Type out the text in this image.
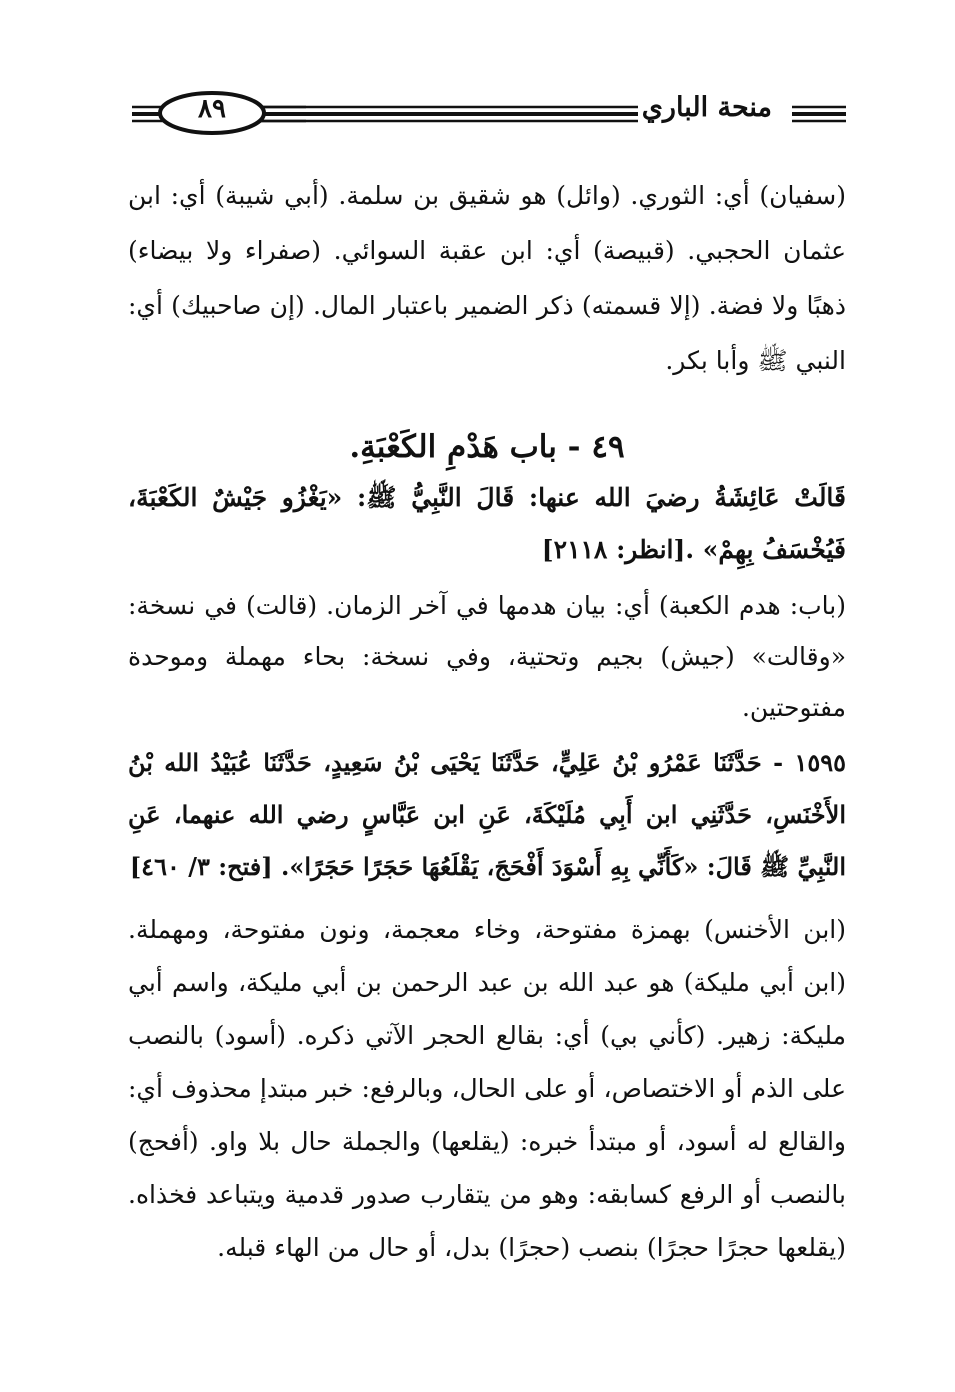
٨٩	منحة الباري

(سفيان) أي: الثوري. (وائل) هو شقيق بن سلمة. (أبي شيبة) أي: ابن عثمان الحجبي. (قبيصة) أي: ابن عقبة السوائي. (صفراء ولا بيضاء) ذهبًا ولا فضة. (إلا قسمته) ذكر الضمير باعتبار المال. (إن صاحبيك) أي: النبي ﷺ وأبا بكر.

٤٩ - باب هَدْمِ الكَعْبَةِ.

قَالَتْ عَائِشَةُ رضيَ الله عنها: قَالَ النَّبِيُّ ﷺ: «يَغْزُو جَيْشٌ الكَعْبَةَ، فَيُخْسَفُ بِهِمْ» .[انظر: ٢١١٨]

(باب: هدم الكعبة) أي: بيان هدمها في آخر الزمان. (قالت) في نسخة: «وقالت» (جيش) بجيم وتحتية، وفي نسخة: بحاء مهملة وموحدة مفتوحتين.

١٥٩٥ - حَدَّثَنَا عَمْرُو بْنُ عَلِيٍّ، حَدَّثَنَا يَحْيَى بْنُ سَعِيدٍ، حَدَّثَنَا عُبَيْدُ الله بْنُ الأَخْنَسِ، حَدَّثَنِي ابن أَبِي مُلَيْكَةَ، عَنِ ابن عَبَّاسٍ رضي الله عنهما، عَنِ النَّبِيِّ ﷺ قَالَ: «كَأَنِّي بِهِ أَسْوَدَ أَفْحَجَ، يَقْلَعُهَا حَجَرًا حَجَرًا». [فتح: ٣/ ٤٦٠]

(ابن الأخنس) بهمزة مفتوحة، وخاء معجمة، ونون مفتوحة، ومهملة. (ابن أبي مليكة) هو عبد الله بن عبد الرحمن بن أبي مليكة، واسم أبي مليكة: زهير. (كأني بي) أي: بقالع الحجر الآتي ذكره. (أسود) بالنصب على الذم أو الاختصاص، أو على الحال، وبالرفع: خبر مبتدإ محذوف أي: والقالع له أسود، أو مبتدأ خبره: (يقلعها) والجملة حال بلا واو. (أفحج) بالنصب أو الرفع كسابقه: وهو من يتقارب صدور قدمية ويتباعد فخذاه. (يقلعها حجرًا حجرًا) بنصب (حجرًا) بدل، أو حال من الهاء قبله.
